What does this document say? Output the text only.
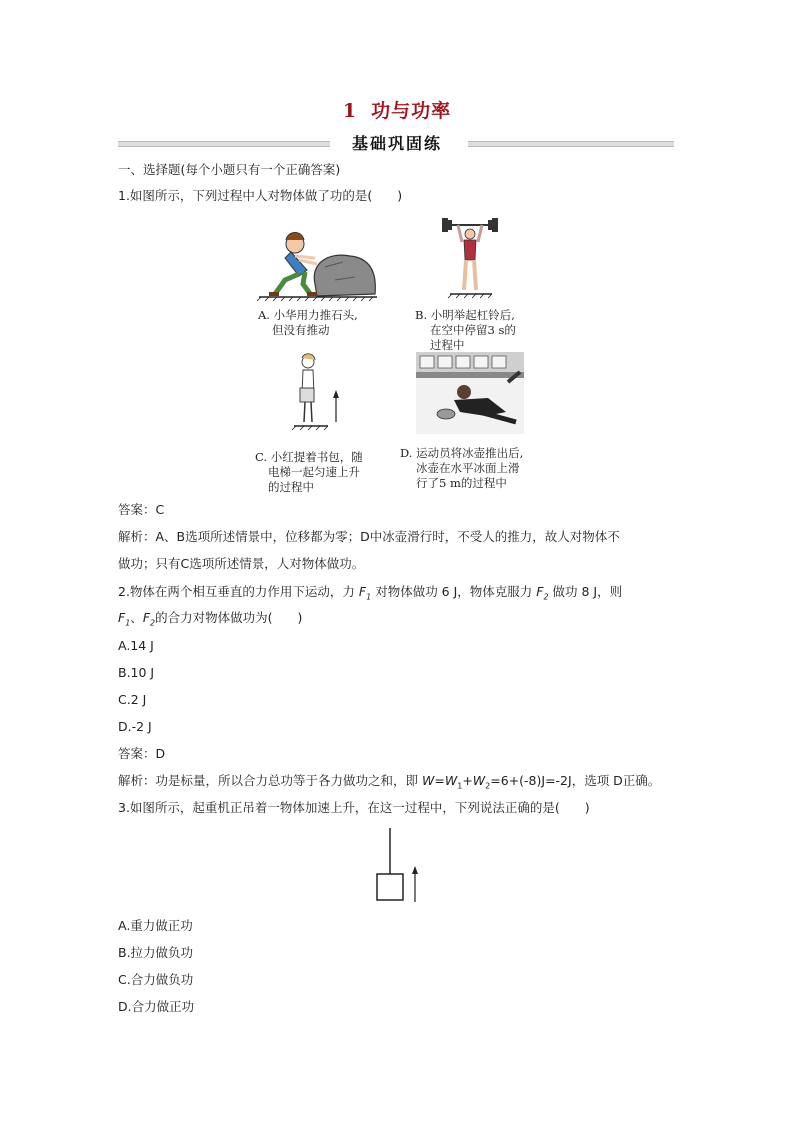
1 功与功率
基础巩固练
一、选择题(每个小题只有一个正确答案)
1.如图所示，下列过程中人对物体做了功的是(　　)
A. 小华用力推石头,
但没有推动
B. 小明举起杠铃后,
在空中停留3 s的
过程中
C. 小红提着书包，随
电梯一起匀速上升
的过程中
D. 运动员将冰壶推出后,
冰壶在水平冰面上滑
行了5 m的过程中
答案：C
解析：A、B选项所述情景中，位移都为零；D中冰壶滑行时，不受人的推力，故人对物体不
做功；只有C选项所述情景，人对物体做功。
2.物体在两个相互垂直的力作用下运动，力 $F_1$ 对物体做功 6 J，物体克服力 $F_2$ 做功 8 J，则
$F_1$、$F_2$的合力对物体做功为(　　)
A.14 J
B.10 J
C.2 J
D.-2 J
答案：D
解析：功是标量，所以合力总功等于各力做功之和，即 $W=W_1+W_2=6+(-8)J=-2J$，选项 D正确。
3.如图所示，起重机正吊着一物体加速上升，在这一过程中，下列说法正确的是(　　)
A.重力做正功
B.拉力做负功
C.合力做负功
D.合力做正功
